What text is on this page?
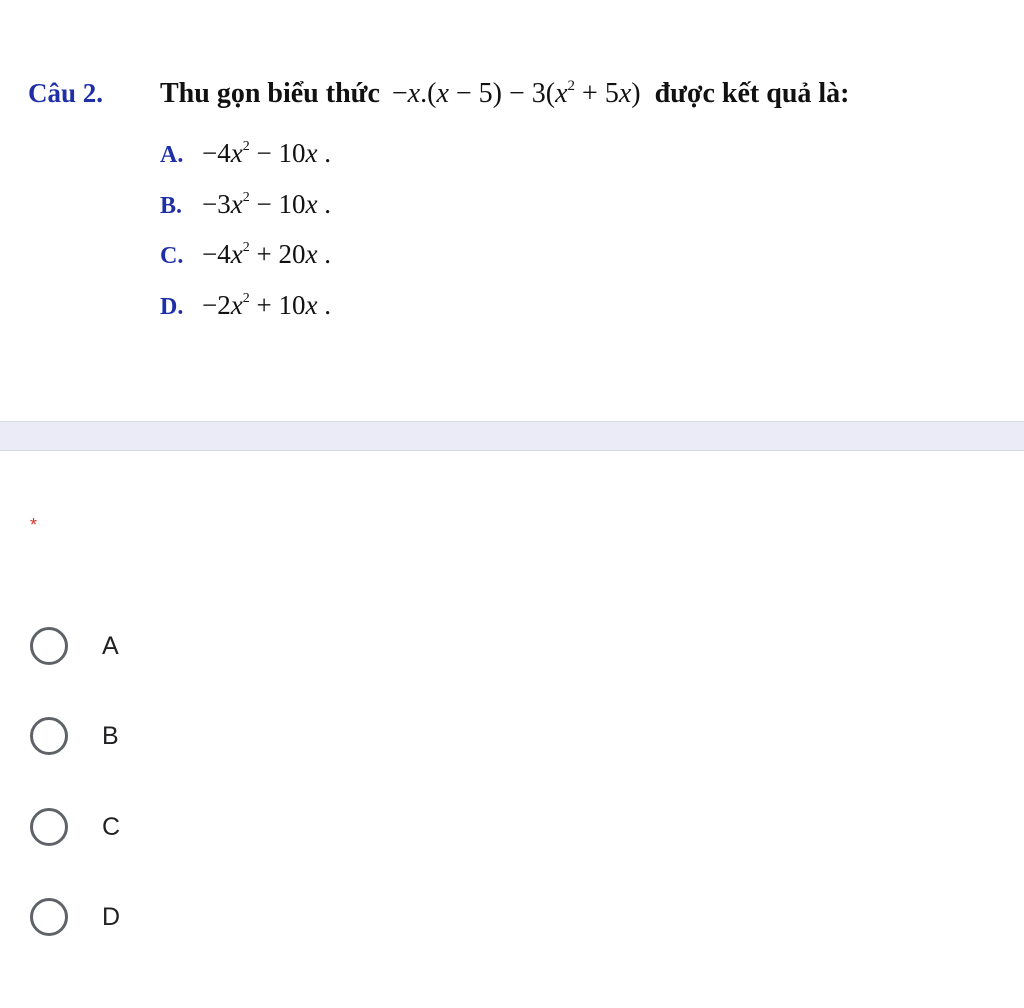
Câu 2.	Thu gọn biểu thức $-x.(x - 5) - 3(x^2 + 5x)$ được kết quả là:
A. $-4x^2 - 10x$ .
B. $-3x^2 - 10x$ .
C. $-4x^2 + 20x$ .
D. $-2x^2 + 10x$ .
*
A
B
C
D
